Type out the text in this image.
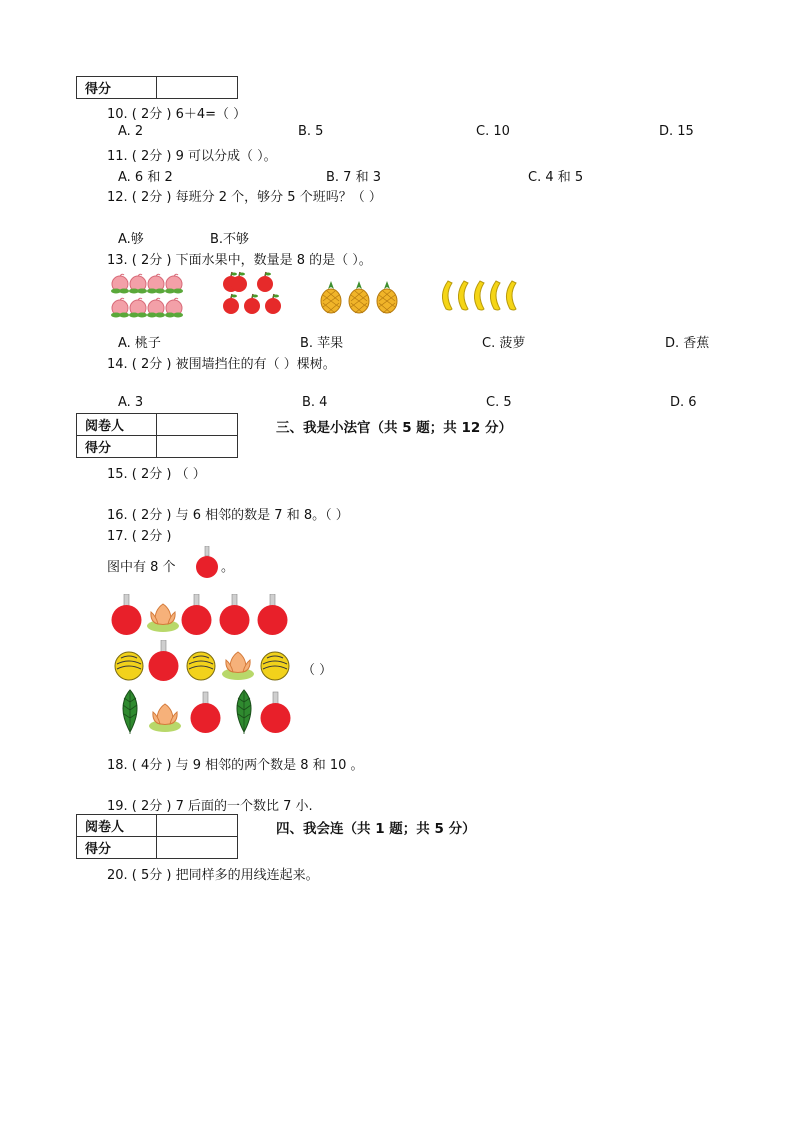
得分	
10. ( 2分 ) 6＋4=（ ）
A. 2	B. 5	C. 10	D. 15
11. ( 2分 ) 9 可以分成（ ）。
A. 6 和 2	B. 7 和 3	C. 4 和 5
12. ( 2分 ) 每班分 2 个，够分 5 个班吗？（ ）
A.够	B.不够
13. ( 2分 ) 下面水果中，数量是 8 的是（ ）。
A. 桃子	B. 苹果	C. 菠萝	D. 香蕉
14. ( 2分 ) 被围墙挡住的有（ ）棵树。
A. 3	B. 4	C. 5	D. 6
阅卷人	
得分	
三、我是小法官（共 5 题；共 12 分）
15. ( 2分 ) （ ）
16. ( 2分 ) 与 6 相邻的数是 7 和 8。（ ）
17. ( 2分 )
图中有 8 个	。
（ ）
18. ( 4分 ) 与 9 相邻的两个数是 8 和 10 。
19. ( 2分 ) 7 后面的一个数比 7 小.
阅卷人	
得分	
四、我会连（共 1 题；共 5 分）
20. ( 5分 ) 把同样多的用线连起来。
